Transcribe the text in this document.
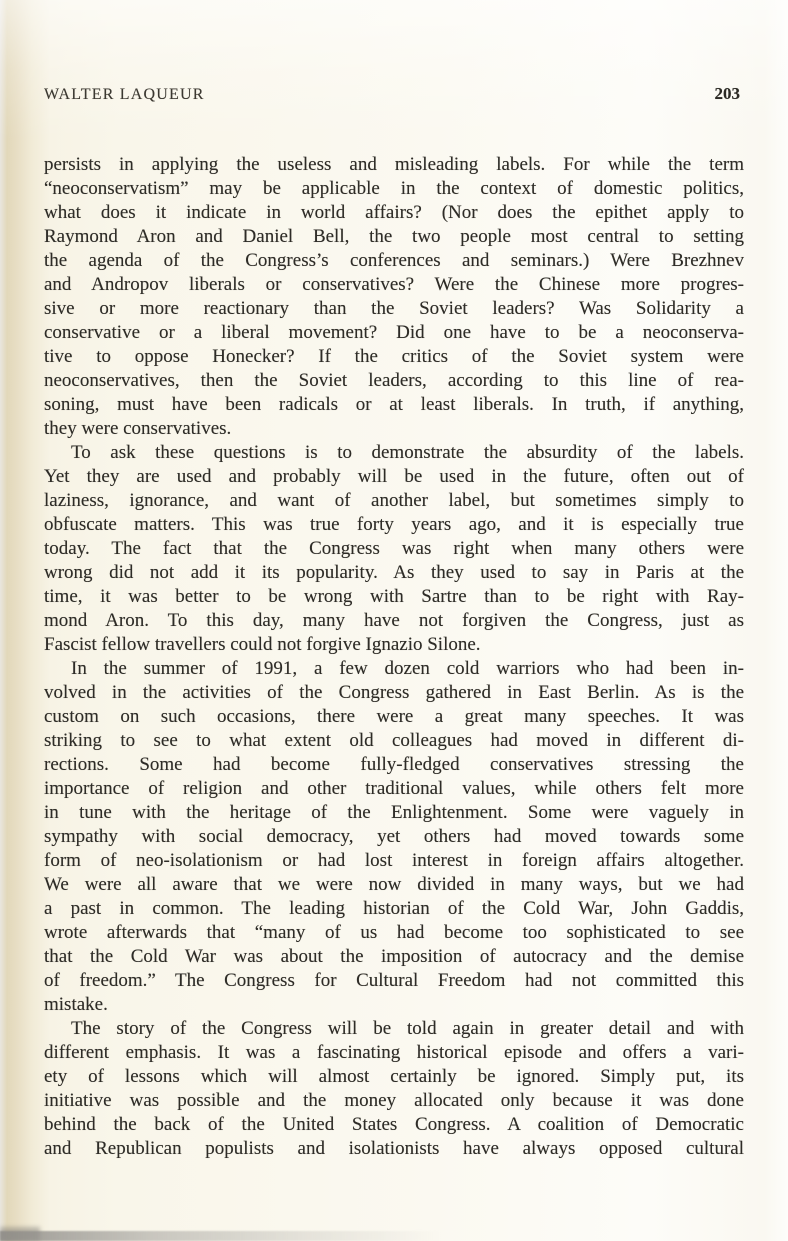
WALTER LAQUEUR	203
persists in applying the useless and misleading labels. For while the term
“neoconservatism” may be applicable in the context of domestic politics,
what does it indicate in world affairs? (Nor does the epithet apply to
Raymond Aron and Daniel Bell, the two people most central to setting
the agenda of the Congress’s conferences and seminars.) Were Brezhnev
and Andropov liberals or conservatives? Were the Chinese more progres-
sive or more reactionary than the Soviet leaders? Was Solidarity a
conservative or a liberal movement? Did one have to be a neoconserva-
tive to oppose Honecker? If the critics of the Soviet system were
neoconservatives, then the Soviet leaders, according to this line of rea-
soning, must have been radicals or at least liberals. In truth, if anything,
they were conservatives.
To ask these questions is to demonstrate the absurdity of the labels.
Yet they are used and probably will be used in the future, often out of
laziness, ignorance, and want of another label, but sometimes simply to
obfuscate matters. This was true forty years ago, and it is especially true
today. The fact that the Congress was right when many others were
wrong did not add it its popularity. As they used to say in Paris at the
time, it was better to be wrong with Sartre than to be right with Ray-
mond Aron. To this day, many have not forgiven the Congress, just as
Fascist fellow travellers could not forgive Ignazio Silone.
In the summer of 1991, a few dozen cold warriors who had been in-
volved in the activities of the Congress gathered in East Berlin. As is the
custom on such occasions, there were a great many speeches. It was
striking to see to what extent old colleagues had moved in different di-
rections. Some had become fully-fledged conservatives stressing the
importance of religion and other traditional values, while others felt more
in tune with the heritage of the Enlightenment. Some were vaguely in
sympathy with social democracy, yet others had moved towards some
form of neo-isolationism or had lost interest in foreign affairs altogether.
We were all aware that we were now divided in many ways, but we had
a past in common. The leading historian of the Cold War, John Gaddis,
wrote afterwards that “many of us had become too sophisticated to see
that the Cold War was about the imposition of autocracy and the demise
of freedom.” The Congress for Cultural Freedom had not committed this
mistake.
The story of the Congress will be told again in greater detail and with
different emphasis. It was a fascinating historical episode and offers a vari-
ety of lessons which will almost certainly be ignored. Simply put, its
initiative was possible and the money allocated only because it was done
behind the back of the United States Congress. A coalition of Democratic
and Republican populists and isolationists have always opposed cultural
